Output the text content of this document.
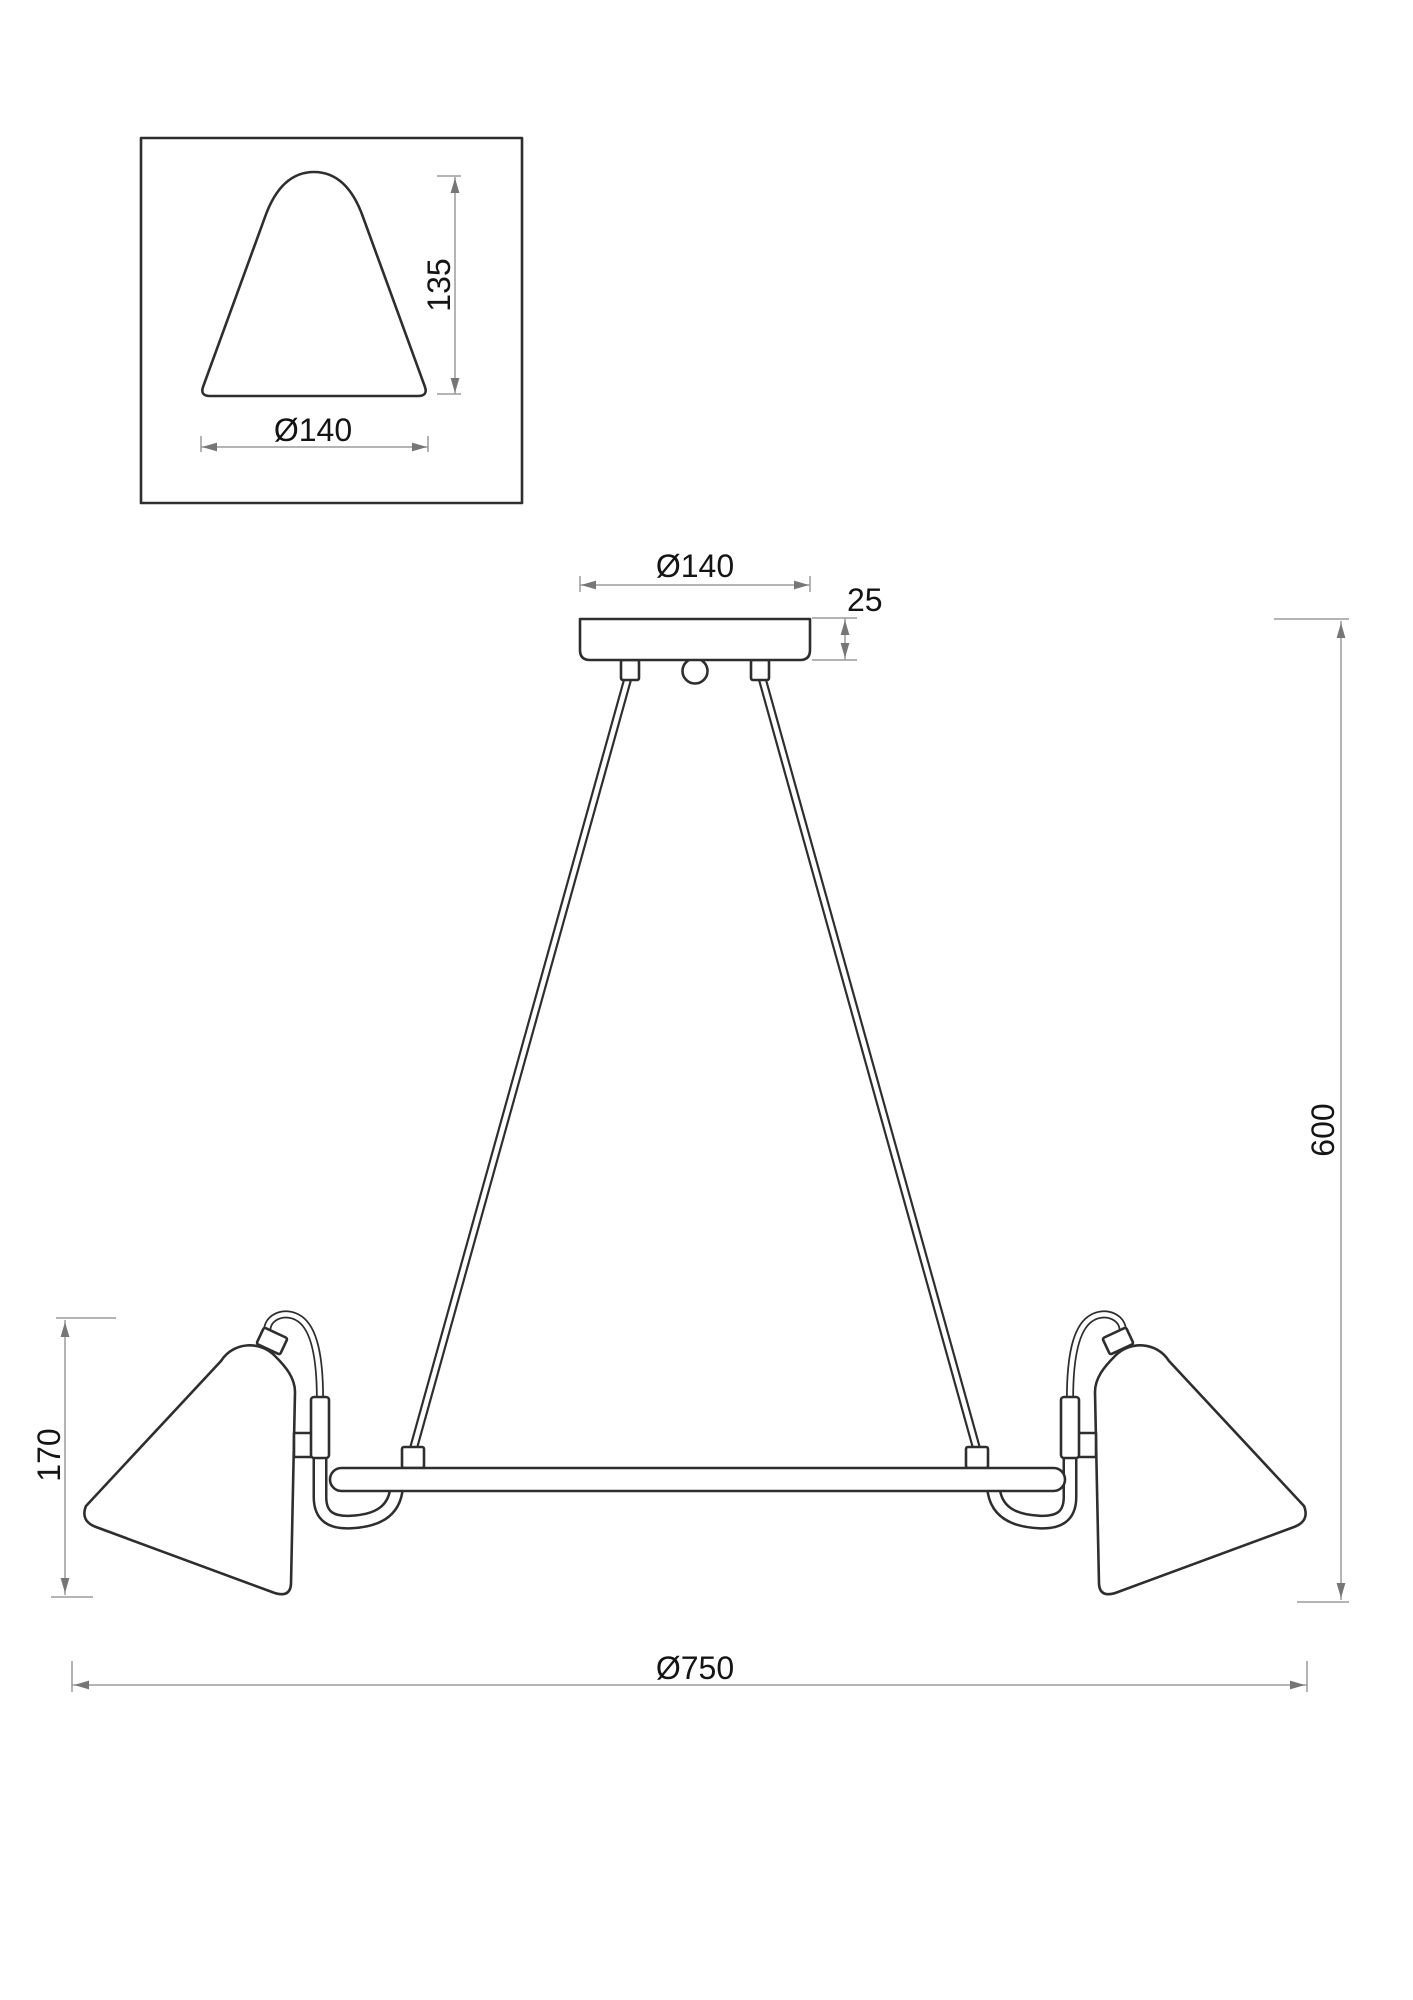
Ø140
135
Ø140
25
600
170
Ø750
